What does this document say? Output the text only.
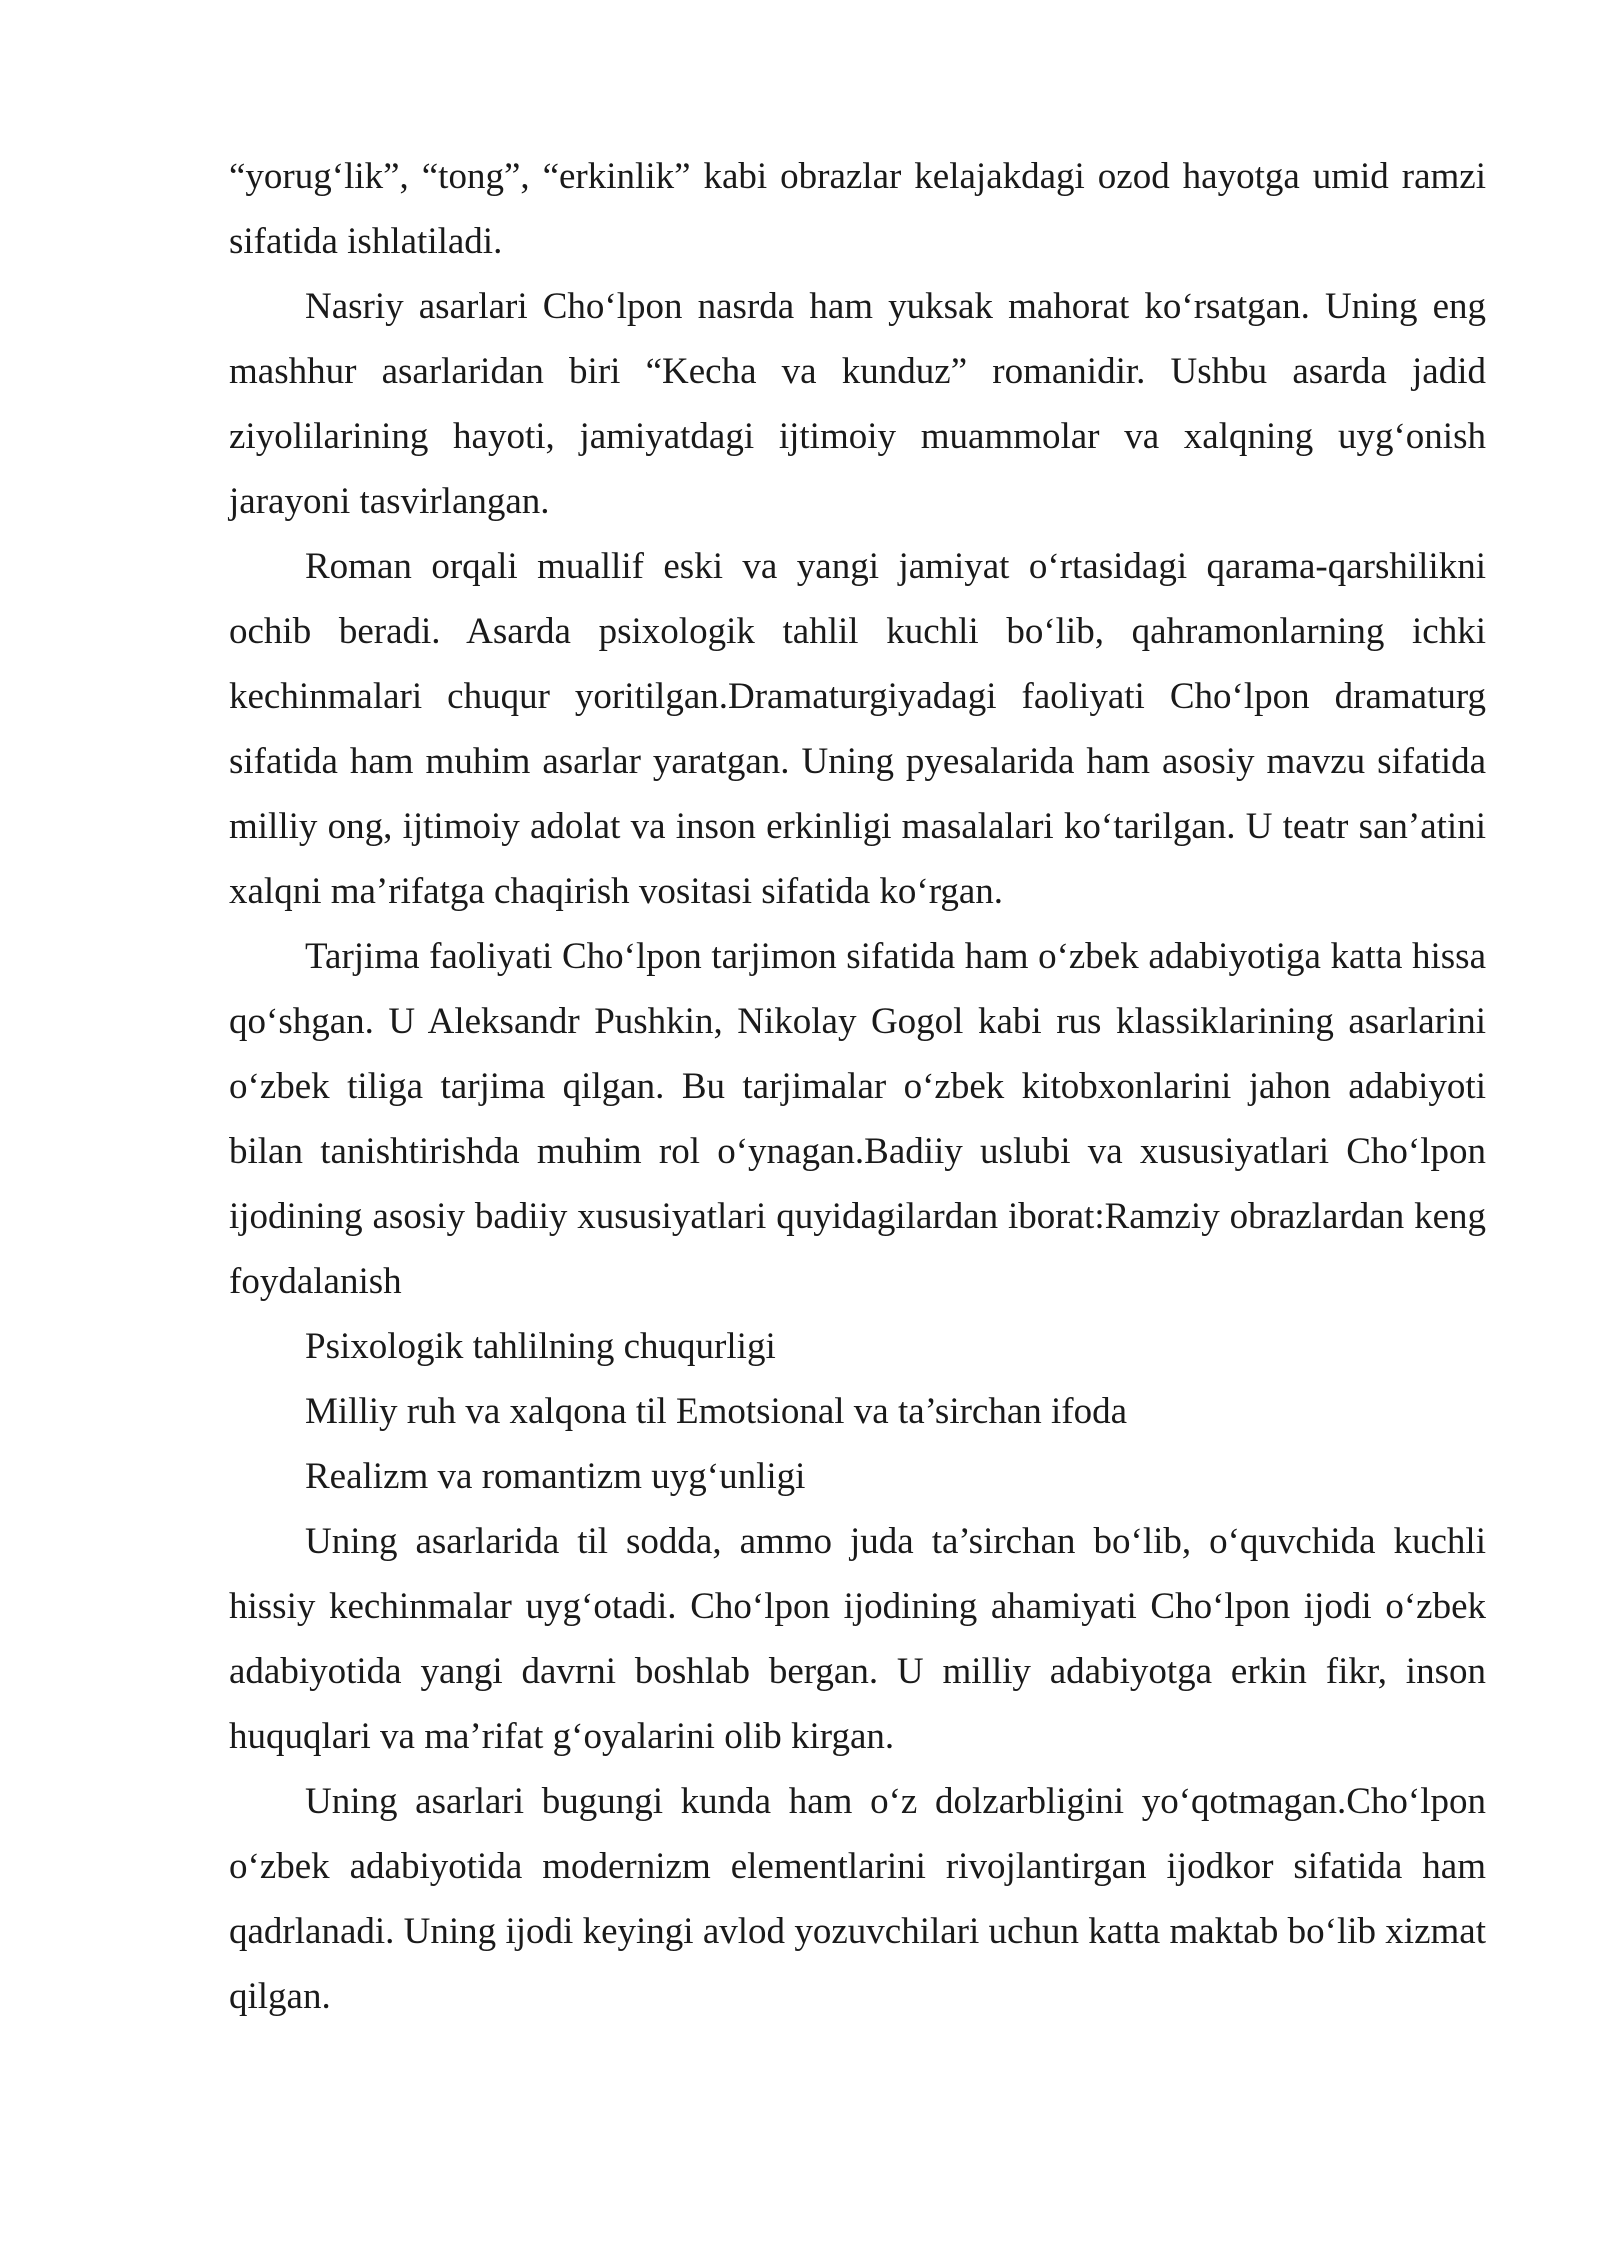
“yorug‘lik”, “tong”, “erkinlik” kabi obrazlar kelajakdagi ozod hayotga umid ramzi sifatida ishlatiladi.

Nasriy asarlari Cho‘lpon nasrda ham yuksak mahorat ko‘rsatgan. Uning eng mashhur asarlaridan biri “Kecha va kunduz” romanidir. Ushbu asarda jadid ziyolilarining hayoti, jamiyatdagi ijtimoiy muammolar va xalqning uyg‘onish jarayoni tasvirlangan.

Roman orqali muallif eski va yangi jamiyat o‘rtasidagi qarama-qarshilikni ochib beradi. Asarda psixologik tahlil kuchli bo‘lib, qahramonlarning ichki kechinmalari chuqur yoritilgan.Dramaturgiyadagi faoliyati Cho‘lpon dramaturg sifatida ham muhim asarlar yaratgan. Uning pyesalarida ham asosiy mavzu sifatida milliy ong, ijtimoiy adolat va inson erkinligi masalalari ko‘tarilgan. U teatr san’atini xalqni ma’rifatga chaqirish vositasi sifatida ko‘rgan.

Tarjima faoliyati Cho‘lpon tarjimon sifatida ham o‘zbek adabiyotiga katta hissa qo‘shgan. U Aleksandr Pushkin, Nikolay Gogol kabi rus klassiklarining asarlarini o‘zbek tiliga tarjima qilgan. Bu tarjimalar o‘zbek kitobxonlarini jahon adabiyoti bilan tanishtirishda muhim rol o‘ynagan.Badiiy uslubi va xususiyatlari Cho‘lpon ijodining asosiy badiiy xususiyatlari quyidagilardan iborat:Ramziy obrazlardan keng foydalanish

Psixologik tahlilning chuqurligi

Milliy ruh va xalqona til Emotsional va ta’sirchan ifoda

Realizm va romantizm uyg‘unligi

Uning asarlarida til sodda, ammo juda ta’sirchan bo‘lib, o‘quvchida kuchli hissiy kechinmalar uyg‘otadi. Cho‘lpon ijodining ahamiyati Cho‘lpon ijodi o‘zbek adabiyotida yangi davrni boshlab bergan. U milliy adabiyotga erkin fikr, inson huquqlari va ma’rifat g‘oyalarini olib kirgan.

Uning asarlari bugungi kunda ham o‘z dolzarbligini yo‘qotmagan.Cho‘lpon o‘zbek adabiyotida modernizm elementlarini rivojlantirgan ijodkor sifatida ham qadrlanadi. Uning ijodi keyingi avlod yozuvchilari uchun katta maktab bo‘lib xizmat qilgan.
